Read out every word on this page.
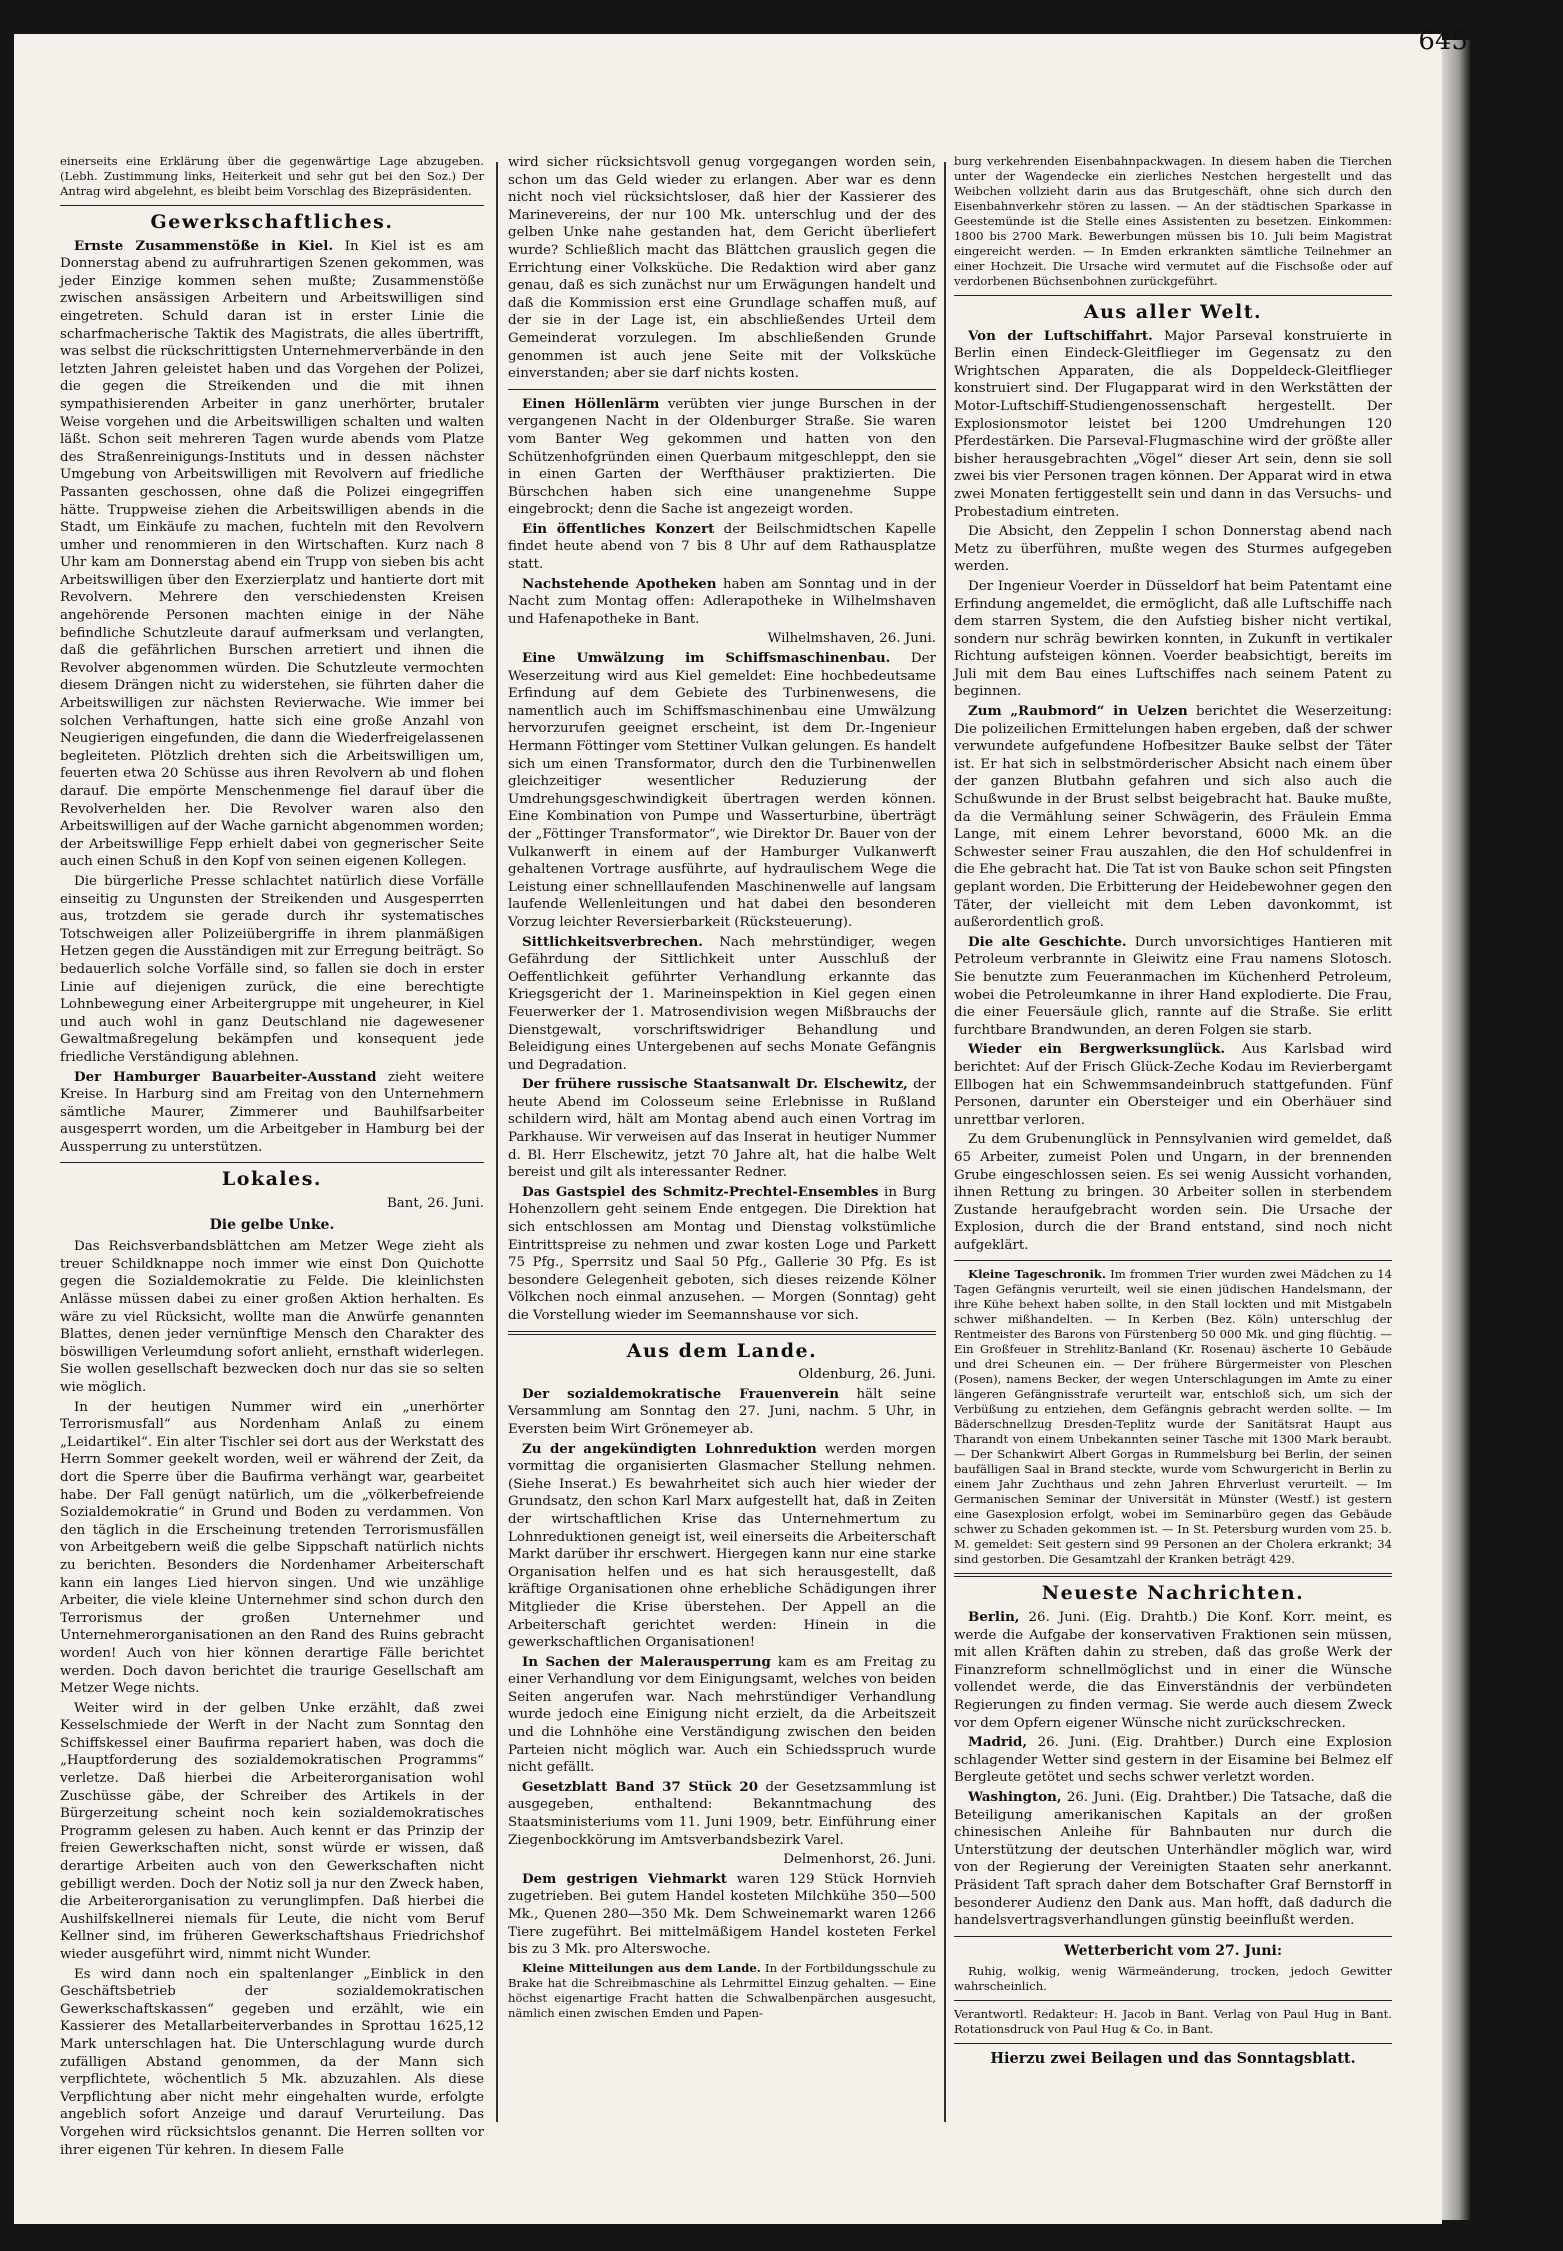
einerseits eine Erklärung über die gegenwärtige Lage abzugeben. (Lebh. Zustimmung links, Heiterkeit und sehr gut bei den Soz.) Der Antrag wird abgelehnt, es bleibt beim Vorschlag des Bizepräsidenten.

Gewerkschaftliches.

Ernste Zusammenstöße in Kiel. In Kiel ist es am Donnerstag abend zu aufruhrartigen Szenen gekommen, was jeder Einzige kommen sehen mußte; Zusammenstöße zwischen ansässigen Arbeitern und Arbeitswilligen sind eingetreten. Schuld daran ist in erster Linie die scharfmacherische Taktik des Magistrats, die alles übertrifft, was selbst die rückschrittigsten Unternehmerverbände in den letzten Jahren geleistet haben und das Vorgehen der Polizei, die gegen die Streikenden und die mit ihnen sympathisierenden Arbeiter in ganz unerhörter, brutaler Weise vorgehen und die Arbeitswilligen schalten und walten läßt. Schon seit mehreren Tagen wurde abends vom Platze des Straßenreinigungs-Instituts und in dessen nächster Umgebung von Arbeitswilligen mit Revolvern auf friedliche Passanten geschossen, ohne daß die Polizei eingegriffen hätte. Truppweise ziehen die Arbeitswilligen abends in die Stadt, um Einkäufe zu machen, fuchteln mit den Revolvern umher und renommieren in den Wirtschaften. Kurz nach 8 Uhr kam am Donnerstag abend ein Trupp von sieben bis acht Arbeitswilligen über den Exerzierplatz und hantierte dort mit Revolvern. Mehrere den verschiedensten Kreisen angehörende Personen machten einige in der Nähe befindliche Schutzleute darauf aufmerksam und verlangten, daß die gefährlichen Burschen arretiert und ihnen die Revolver abgenommen würden. Die Schutzleute vermochten diesem Drängen nicht zu widerstehen, sie führten daher die Arbeitswilligen zur nächsten Revierwache. Wie immer bei solchen Verhaftungen, hatte sich eine große Anzahl von Neugierigen eingefunden, die dann die Wiederfreigelassenen begleiteten. Plötzlich drehten sich die Arbeitswilligen um, feuerten etwa 20 Schüsse aus ihren Revolvern ab und flohen darauf. Die empörte Menschenmenge fiel darauf über die Revolverhelden her. Die Revolver waren also den Arbeitswilligen auf der Wache garnicht abgenommen worden; der Arbeitswillige Fepp erhielt dabei von gegnerischer Seite auch einen Schuß in den Kopf von seinen eigenen Kollegen.

Die bürgerliche Presse schlachtet natürlich diese Vorfälle einseitig zu Ungunsten der Streikenden und Ausgesperrten aus, trotzdem sie gerade durch ihr systematisches Totschweigen aller Polizeiübergriffe in ihrem planmäßigen Hetzen gegen die Ausständigen mit zur Erregung beiträgt. So bedauerlich solche Vorfälle sind, so fallen sie doch in erster Linie auf diejenigen zurück, die eine berechtigte Lohnbewegung einer Arbeitergruppe mit ungeheurer, in Kiel und auch wohl in ganz Deutschland nie dagewesener Gewaltmaßregelung bekämpfen und konsequent jede friedliche Verständigung ablehnen.

Der Hamburger Bauarbeiter-Ausstand zieht weitere Kreise. In Harburg sind am Freitag von den Unternehmern sämtliche Maurer, Zimmerer und Bauhilfsarbeiter ausgesperrt worden, um die Arbeitgeber in Hamburg bei der Aussperrung zu unterstützen.

Lokales.
Bant, 26. Juni.
Die gelbe Unke.

Das Reichsverbandsblättchen am Metzer Wege zieht als treuer Schildknappe noch immer wie einst Don Quichotte gegen die Sozialdemokratie zu Felde. Die kleinlichsten Anlässe müssen dabei zu einer großen Aktion herhalten. Es wäre zu viel Rücksicht, wollte man die Anwürfe genannten Blattes, denen jeder vernünftige Mensch den Charakter des böswilligen Verleumdung sofort anlieht, ernsthaft widerlegen. Sie wollen gesellschaft bezwecken doch nur das sie so selten wie möglich.

In der heutigen Nummer wird ein „unerhörter Terrorismusfall“ aus Nordenham Anlaß zu einem „Leidartikel“. Ein alter Tischler sei dort aus der Werkstatt des Herrn Sommer geekelt worden, weil er während der Zeit, da dort die Sperre über die Baufirma verhängt war, gearbeitet habe. Der Fall genügt natürlich, um die „völkerbefreiende Sozialdemokratie“ in Grund und Boden zu verdammen. Von den täglich in die Erscheinung tretenden Terrorismusfällen von Arbeitgebern weiß die gelbe Sippschaft natürlich nichts zu berichten. Besonders die Nordenhamer Arbeiterschaft kann ein langes Lied hiervon singen. Und wie unzählige Arbeiter, die viele kleine Unternehmer sind schon durch den Terrorismus der großen Unternehmer und Unternehmerorganisationen an den Rand des Ruins gebracht worden! Auch von hier können derartige Fälle berichtet werden. Doch davon berichtet die traurige Gesellschaft am Metzer Wege nichts.

Weiter wird in der gelben Unke erzählt, daß zwei Kesselschmiede der Werft in der Nacht zum Sonntag den Schiffskessel einer Baufirma repariert haben, was doch die „Hauptforderung des sozialdemokratischen Programms“ verletze. Daß hierbei die Arbeiterorganisation wohl Zuschüsse gäbe, der Schreiber des Artikels in der Bürgerzeitung scheint noch kein sozialdemokratisches Programm gelesen zu haben. Auch kennt er das Prinzip der freien Gewerkschaften nicht, sonst würde er wissen, daß derartige Arbeiten auch von den Gewerkschaften nicht gebilligt werden. Doch der Notiz soll ja nur den Zweck haben, die Arbeiterorganisation zu verunglimpfen. Daß hierbei die Aushilfskellnerei niemals für Leute, die nicht vom Beruf Kellner sind, im früheren Gewerkschaftshaus Friedrichshof wieder ausgeführt wird, nimmt nicht Wunder.

Es wird dann noch ein spaltenlanger „Einblick in den Geschäftsbetrieb der sozialdemokratischen Gewerkschaftskassen“ gegeben und erzählt, wie ein Kassierer des Metallarbeiterverbandes in Sprottau 1625,12 Mark unterschlagen hat. Die Unterschlagung wurde durch zufälligen Abstand genommen, da der Mann sich verpflichtete, wöchentlich 5 Mk. abzuzahlen. Als diese Verpflichtung aber nicht mehr eingehalten wurde, erfolgte angeblich sofort Anzeige und darauf Verurteilung. Das Vorgehen wird rücksichtslos genannt. Die Herren sollten vor ihrer eigenen Tür kehren. In diesem Falle

wird sicher rücksichtsvoll genug vorgegangen worden sein, schon um das Geld wieder zu erlangen. Aber war es denn nicht noch viel rücksichtsloser, daß hier der Kassierer des Marinevereins, der nur 100 Mk. unterschlug und der des gelben Unke nahe gestanden hat, dem Gericht überliefert wurde? Schließlich macht das Blättchen grauslich gegen die Errichtung einer Volksküche. Die Redaktion wird aber ganz genau, daß es sich zunächst nur um Erwägungen handelt und daß die Kommission erst eine Grundlage schaffen muß, auf der sie in der Lage ist, ein abschließendes Urteil dem Gemeinderat vorzulegen. Im abschließenden Grunde genommen ist auch jene Seite mit der Volksküche einverstanden; aber sie darf nichts kosten.

Einen Höllenlärm verübten vier junge Burschen in der vergangenen Nacht in der Oldenburger Straße. Sie waren vom Banter Weg gekommen und hatten von den Schützenhofgründen einen Querbaum mitgeschleppt, den sie in einen Garten der Werfthäuser praktizierten. Die Bürschchen haben sich eine unangenehme Suppe eingebrockt; denn die Sache ist angezeigt worden.

Ein öffentliches Konzert der Beilschmidtschen Kapelle findet heute abend von 7 bis 8 Uhr auf dem Rathausplatze statt.

Nachstehende Apotheken haben am Sonntag und in der Nacht zum Montag offen: Adlerapotheke in Wilhelmshaven und Hafenapotheke in Bant.

Wilhelmshaven, 26. Juni.

Eine Umwälzung im Schiffsmaschinenbau. Der Weserzeitung wird aus Kiel gemeldet: Eine hochbedeutsame Erfindung auf dem Gebiete des Turbinenwesens, die namentlich auch im Schiffsmaschinenbau eine Umwälzung hervorzurufen geeignet erscheint, ist dem Dr.-Ingenieur Hermann Föttinger vom Stettiner Vulkan gelungen. Es handelt sich um einen Transformator, durch den die Turbinenwellen gleichzeitiger wesentlicher Reduzierung der Umdrehungsgeschwindigkeit übertragen werden können. Eine Kombination von Pumpe und Wasserturbine, überträgt der „Föttinger Transformator“, wie Direktor Dr. Bauer von der Vulkanwerft in einem auf der Hamburger Vulkanwerft gehaltenen Vortrage ausführte, auf hydraulischem Wege die Leistung einer schnelllaufenden Maschinenwelle auf langsam laufende Wellenleitungen und hat dabei den besonderen Vorzug leichter Reversierbarkeit (Rücksteuerung).

Sittlichkeitsverbrechen. Nach mehrstündiger, wegen Gefährdung der Sittlichkeit unter Ausschluß der Oeffentlichkeit geführter Verhandlung erkannte das Kriegsgericht der 1. Marineinspektion in Kiel gegen einen Feuerwerker der 1. Matrosendivision wegen Mißbrauchs der Dienstgewalt, vorschriftswidriger Behandlung und Beleidigung eines Untergebenen auf sechs Monate Gefängnis und Degradation.

Der frühere russische Staatsanwalt Dr. Elschewitz, der heute Abend im Colosseum seine Erlebnisse in Rußland schildern wird, hält am Montag abend auch einen Vortrag im Parkhause. Wir verweisen auf das Inserat in heutiger Nummer d. Bl. Herr Elschewitz, jetzt 70 Jahre alt, hat die halbe Welt bereist und gilt als interessanter Redner.

Das Gastspiel des Schmitz-Prechtel-Ensembles in Burg Hohenzollern geht seinem Ende entgegen. Die Direktion hat sich entschlossen am Montag und Dienstag volkstümliche Eintrittspreise zu nehmen und zwar kosten Loge und Parkett 75 Pfg., Sperrsitz und Saal 50 Pfg., Gallerie 30 Pfg. Es ist besondere Gelegenheit geboten, sich dieses reizende Kölner Völkchen noch einmal anzusehen. — Morgen (Sonntag) geht die Vorstellung wieder im Seemannshause vor sich.

Aus dem Lande.
Oldenburg, 26. Juni.

Der sozialdemokratische Frauenverein hält seine Versammlung am Sonntag den 27. Juni, nachm. 5 Uhr, in Eversten beim Wirt Grönemeyer ab.

Zu der angekündigten Lohnreduktion werden morgen vormittag die organisierten Glasmacher Stellung nehmen. (Siehe Inserat.) Es bewahrheitet sich auch hier wieder der Grundsatz, den schon Karl Marx aufgestellt hat, daß in Zeiten der wirtschaftlichen Krise das Unternehmertum zu Lohnreduktionen geneigt ist, weil einerseits die Arbeiterschaft Markt darüber ihr erschwert. Hiergegen kann nur eine starke Organisation helfen und es hat sich herausgestellt, daß kräftige Organisationen ohne erhebliche Schädigungen ihrer Mitglieder die Krise überstehen. Der Appell an die Arbeiterschaft gerichtet werden: Hinein in die gewerkschaftlichen Organisationen!

In Sachen der Malerausperrung kam es am Freitag zu einer Verhandlung vor dem Einigungsamt, welches von beiden Seiten angerufen war. Nach mehrstündiger Verhandlung wurde jedoch eine Einigung nicht erzielt, da die Arbeitszeit und die Lohnhöhe eine Verständigung zwischen den beiden Parteien nicht möglich war. Auch ein Schiedsspruch wurde nicht gefällt.

Gesetzblatt Band 37 Stück 20 der Gesetzsammlung ist ausgegeben, enthaltend: Bekanntmachung des Staatsministeriums vom 11. Juni 1909, betr. Einführung einer Ziegenbockkörung im Amtsverbandsbezirk Varel.

Delmenhorst, 26. Juni.

Dem gestrigen Viehmarkt waren 129 Stück Hornvieh zugetrieben. Bei gutem Handel kosteten Milchkühe 350—500 Mk., Quenen 280—350 Mk. Dem Schweinemarkt waren 1266 Tiere zugeführt. Bei mittelmäßigem Handel kosteten Ferkel bis zu 3 Mk. pro Alterswoche.

Kleine Mitteilungen aus dem Lande. In der Fortbildungsschule zu Brake hat die Schreibmaschine als Lehrmittel Einzug gehalten. — Eine höchst eigenartige Fracht hatten die Schwalbenpärchen ausgesucht, nämlich einen zwischen Emden und Papen-

burg verkehrenden Eisenbahnpackwagen. In diesem haben die Tierchen unter der Wagendecke ein zierliches Nestchen hergestellt und das Weibchen vollzieht darin aus das Brutgeschäft, ohne sich durch den Eisenbahnverkehr stören zu lassen. — An der städtischen Sparkasse in Geestemünde ist die Stelle eines Assistenten zu besetzen. Einkommen: 1800 bis 2700 Mark. Bewerbungen müssen bis 10. Juli beim Magistrat eingereicht werden. — In Emden erkrankten sämtliche Teilnehmer an einer Hochzeit. Die Ursache wird vermutet auf die Fischsoße oder auf verdorbenen Büchsenbohnen zurückgeführt.

Aus aller Welt.

Von der Luftschiffahrt. Major Parseval konstruierte in Berlin einen Eindeck-Gleitflieger im Gegensatz zu den Wrightschen Apparaten, die als Doppeldeck-Gleitflieger konstruiert sind. Der Flugapparat wird in den Werkstätten der Motor-Luftschiff-Studiengenossenschaft hergestellt. Der Explosionsmotor leistet bei 1200 Umdrehungen 120 Pferdestärken. Die Parseval-Flugmaschine wird der größte aller bisher herausgebrachten „Vögel“ dieser Art sein, denn sie soll zwei bis vier Personen tragen können. Der Apparat wird in etwa zwei Monaten fertiggestellt sein und dann in das Versuchs- und Probestadium eintreten.

Die Absicht, den Zeppelin I schon Donnerstag abend nach Metz zu überführen, mußte wegen des Sturmes aufgegeben werden.

Der Ingenieur Voerder in Düsseldorf hat beim Patentamt eine Erfindung angemeldet, die ermöglicht, daß alle Luftschiffe nach dem starren System, die den Aufstieg bisher nicht vertikal, sondern nur schräg bewirken konnten, in Zukunft in vertikaler Richtung aufsteigen können. Voerder beabsichtigt, bereits im Juli mit dem Bau eines Luftschiffes nach seinem Patent zu beginnen.

Zum „Raubmord“ in Uelzen berichtet die Weserzeitung: Die polizeilichen Ermittelungen haben ergeben, daß der schwer verwundete aufgefundene Hofbesitzer Bauke selbst der Täter ist. Er hat sich in selbstmörderischer Absicht nach einem über der ganzen Blutbahn gefahren und sich also auch die Schußwunde in der Brust selbst beigebracht hat. Bauke mußte, da die Vermählung seiner Schwägerin, des Fräulein Emma Lange, mit einem Lehrer bevorstand, 6000 Mk. an die Schwester seiner Frau auszahlen, die den Hof schuldenfrei in die Ehe gebracht hat. Die Tat ist von Bauke schon seit Pfingsten geplant worden. Die Erbitterung der Heidebewohner gegen den Täter, der vielleicht mit dem Leben davonkommt, ist außerordentlich groß.

Die alte Geschichte. Durch unvorsichtiges Hantieren mit Petroleum verbrannte in Gleiwitz eine Frau namens Slotosch. Sie benutzte zum Feueranmachen im Küchenherd Petroleum, wobei die Petroleumkanne in ihrer Hand explodierte. Die Frau, die einer Feuersäule glich, rannte auf die Straße. Sie erlitt furchtbare Brandwunden, an deren Folgen sie starb.

Wieder ein Bergwerksunglück. Aus Karlsbad wird berichtet: Auf der Frisch Glück-Zeche Kodau im Revierbergamt Ellbogen hat ein Schwemmsandeinbruch stattgefunden. Fünf Personen, darunter ein Obersteiger und ein Oberhäuer sind unrettbar verloren.

Zu dem Grubenunglück in Pennsylvanien wird gemeldet, daß 65 Arbeiter, zumeist Polen und Ungarn, in der brennenden Grube eingeschlossen seien. Es sei wenig Aussicht vorhanden, ihnen Rettung zu bringen. 30 Arbeiter sollen in sterbendem Zustande heraufgebracht worden sein. Die Ursache der Explosion, durch die der Brand entstand, sind noch nicht aufgeklärt.

Kleine Tageschronik. Im frommen Trier wurden zwei Mädchen zu 14 Tagen Gefängnis verurteilt, weil sie einen jüdischen Handelsmann, der ihre Kühe behext haben sollte, in den Stall lockten und mit Mistgabeln schwer mißhandelten. — In Kerben (Bez. Köln) unterschlug der Rentmeister des Barons von Fürstenberg 50 000 Mk. und ging flüchtig. — Ein Großfeuer in Strehlitz-Banland (Kr. Rosenau) äscherte 10 Gebäude und drei Scheunen ein. — Der frühere Bürgermeister von Pleschen (Posen), namens Becker, der wegen Unterschlagungen im Amte zu einer längeren Gefängnisstrafe verurteilt war, entschloß sich, um sich der Verbüßung zu entziehen, dem Gefängnis gebracht werden sollte. — Im Bäderschnellzug Dresden-Teplitz wurde der Sanitätsrat Haupt aus Tharandt von einem Unbekannten seiner Tasche mit 1300 Mark beraubt. — Der Schankwirt Albert Gorgas in Rummelsburg bei Berlin, der seinen baufälligen Saal in Brand steckte, wurde vom Schwurgericht in Berlin zu einem Jahr Zuchthaus und zehn Jahren Ehrverlust verurteilt. — Im Germanischen Seminar der Universität in Münster (Westf.) ist gestern eine Gasexplosion erfolgt, wobei im Seminarbüro gegen das Gebäude schwer zu Schaden gekommen ist. — In St. Petersburg wurden vom 25. b. M. gemeldet: Seit gestern sind 99 Personen an der Cholera erkrankt; 34 sind gestorben. Die Gesamtzahl der Kranken beträgt 429.

Neueste Nachrichten.

Berlin, 26. Juni. (Eig. Drahtb.) Die Konf. Korr. meint, es werde die Aufgabe der konservativen Fraktionen sein müssen, mit allen Kräften dahin zu streben, daß das große Werk der Finanzreform schnellmöglichst und in einer die Wünsche vollendet werde, die das Einverständnis der verbündeten Regierungen zu finden vermag. Sie werde auch diesem Zweck vor dem Opfern eigener Wünsche nicht zurückschrecken.

Madrid, 26. Juni. (Eig. Drahtber.) Durch eine Explosion schlagender Wetter sind gestern in der Eisamine bei Belmez elf Bergleute getötet und sechs schwer verletzt worden.

Washington, 26. Juni. (Eig. Drahtber.) Die Tatsache, daß die Beteiligung amerikanischen Kapitals an der großen chinesischen Anleihe für Bahnbauten nur durch die Unterstützung der deutschen Unterhändler möglich war, wird von der Regierung der Vereinigten Staaten sehr anerkannt. Präsident Taft sprach daher dem Botschafter Graf Bernstorff in besonderer Audienz den Dank aus. Man hofft, daß dadurch die handelsvertragsverhandlungen günstig beeinflußt werden.

Wetterbericht vom 27. Juni:

Ruhig, wolkig, wenig Wärmeänderung, trocken, jedoch Gewitter wahrscheinlich.

Verantwortl. Redakteur: H. Jacob in Bant. Verlag von Paul Hug in Bant. Rotationsdruck von Paul Hug & Co. in Bant.
Hierzu zwei Beilagen und das Sonntagsblatt.
645
